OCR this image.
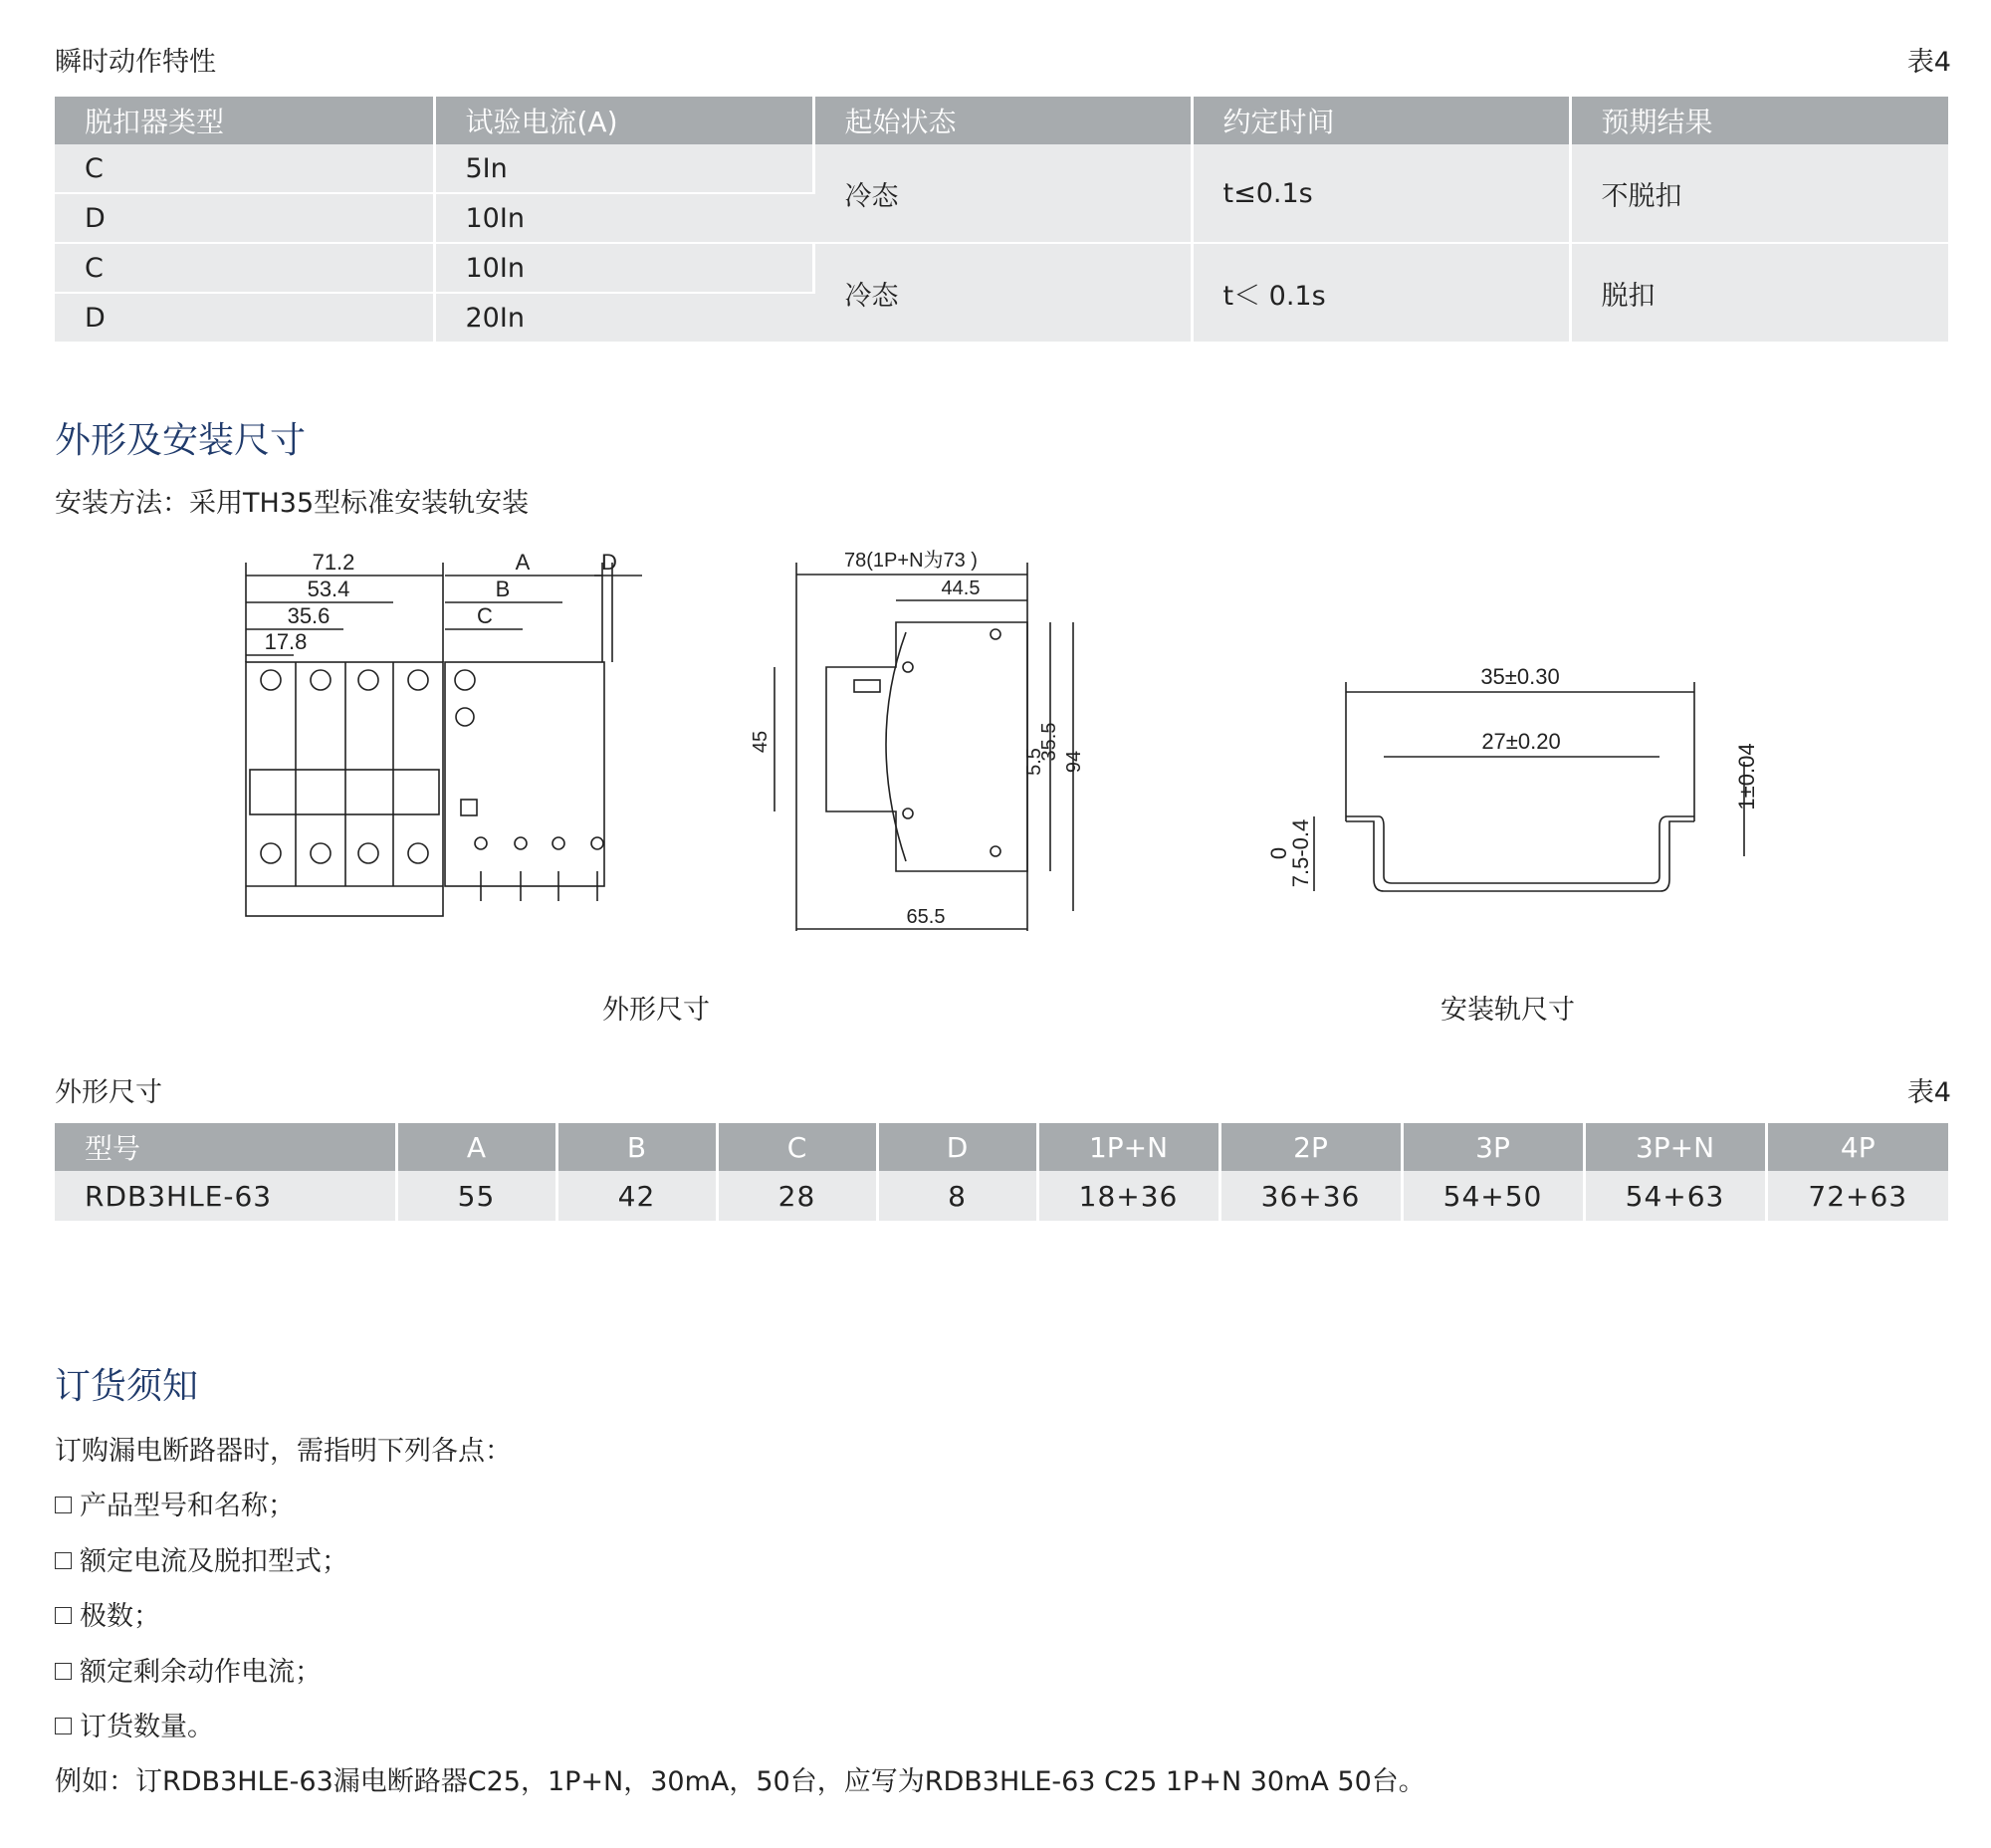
瞬时动作特性	表4
脱扣器类型	试验电流(A)	起始状态	约定时间	预期结果
C	5In	冷态	t≤0.1s	不脱扣
D	10In			
C	10In	冷态	t＜ 0.1s	脱扣
D	20In			
外形及安装尺寸
安装方法：采用TH35型标准安装轨安装
71.2
53.4
35.6
17.8
A
B
C
D	78(1P+N为73 )
44.5
45	35.5
5.5 94
65.5
35±0.30
27±0.20
1±0.04
0
7.5-0.4
外形尺寸	安装轨尺寸
外形尺寸	表4
型号	A	B	C	D	1P+N	2P	3P	3P+N	4P
RDB3HLE-63	55	42	28	8	18+36	36+36	54+50	54+63	72+63
订货须知
订购漏电断路器时，需指明下列各点：
产品型号和名称；
额定电流及脱扣型式；
极数；
额定剩余动作电流；
订货数量。
例如：订RDB3HLE-63漏电断路器C25，1P+N，30mA，50台，应写为RDB3HLE-63 C25 1P+N 30mA 50台。
